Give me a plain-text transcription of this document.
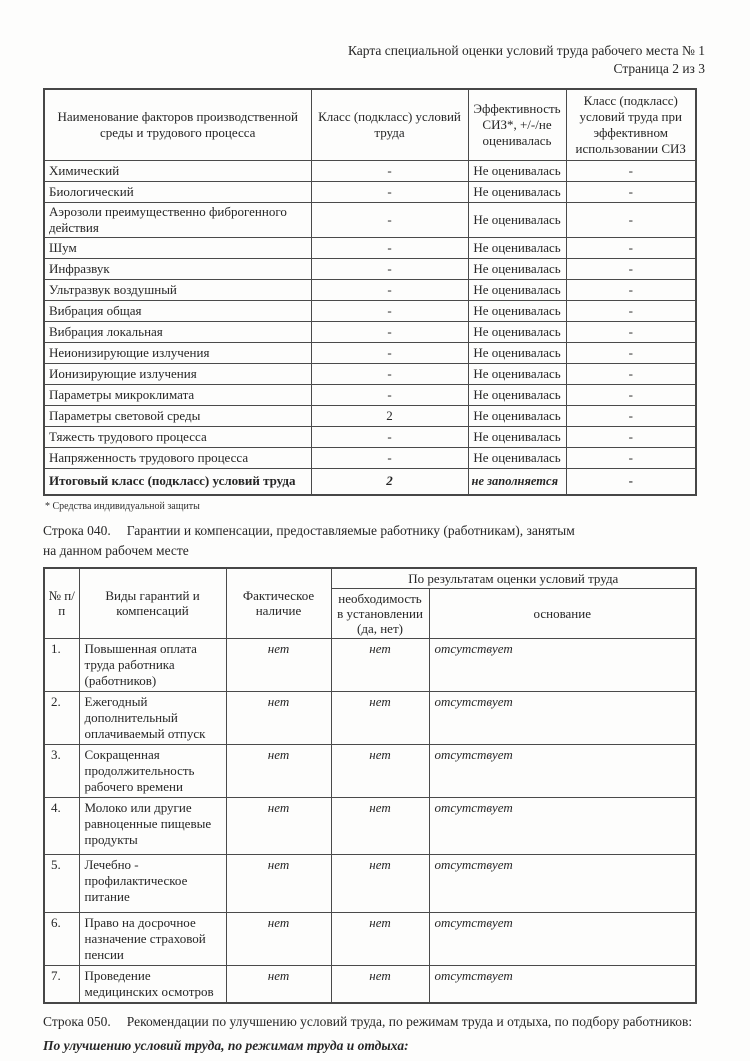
Карта специальной оценки условий труда рабочего места № 1
Страница 2 из 3
Наименование факторов производственной среды и трудового процесса	Класс (подкласс) условий труда	Эффективность СИЗ*, +/-/не оценивалась	Класс (подкласс) условий труда при эффективном использовании СИЗ
Химический	-	Не оценивалась	-
Биологический	-	Не оценивалась	-
Аэрозоли преимущественно фиброгенного действия	-	Не оценивалась	-
Шум	-	Не оценивалась	-
Инфразвук	-	Не оценивалась	-
Ультразвук воздушный	-	Не оценивалась	-
Вибрация общая	-	Не оценивалась	-
Вибрация локальная	-	Не оценивалась	-
Неионизирующие излучения	-	Не оценивалась	-
Ионизирующие излучения	-	Не оценивалась	-
Параметры микроклимата	-	Не оценивалась	-
Параметры световой среды	2	Не оценивалась	-
Тяжесть трудового процесса	-	Не оценивалась	-
Напряженность трудового процесса	-	Не оценивалась	-
Итоговый класс (подкласс) условий труда	2	не заполняется	-
* Средства индивидуальной защиты
Строка 040. Гарантии и компенсации, предоставляемые работнику (работникам), занятым
на данном рабочем месте
№ п/п	Виды гарантий и компенсаций	Фактическое наличие	По результатам оценки условий труда	
			необходимость в установлении (да, нет)	основание
1.	Повышенная оплата труда работника (работников)	нет	нет	отсутствует
2.	Ежегодный дополнительный оплачиваемый отпуск	нет	нет	отсутствует
3.	Сокращенная продолжительность рабочего времени	нет	нет	отсутствует
4.	Молоко или другие равноценные пищевые продукты	нет	нет	отсутствует
5.	Лечебно - профилактическое питание	нет	нет	отсутствует
6.	Право на досрочное назначение страховой пенсии	нет	нет	отсутствует
7.	Проведение медицинских осмотров	нет	нет	отсутствует
Строка 050. Рекомендации по улучшению условий труда, по режимам труда и отдыха, по подбору работников:
По улучшению условий труда, по режимам труда и отдыха:
